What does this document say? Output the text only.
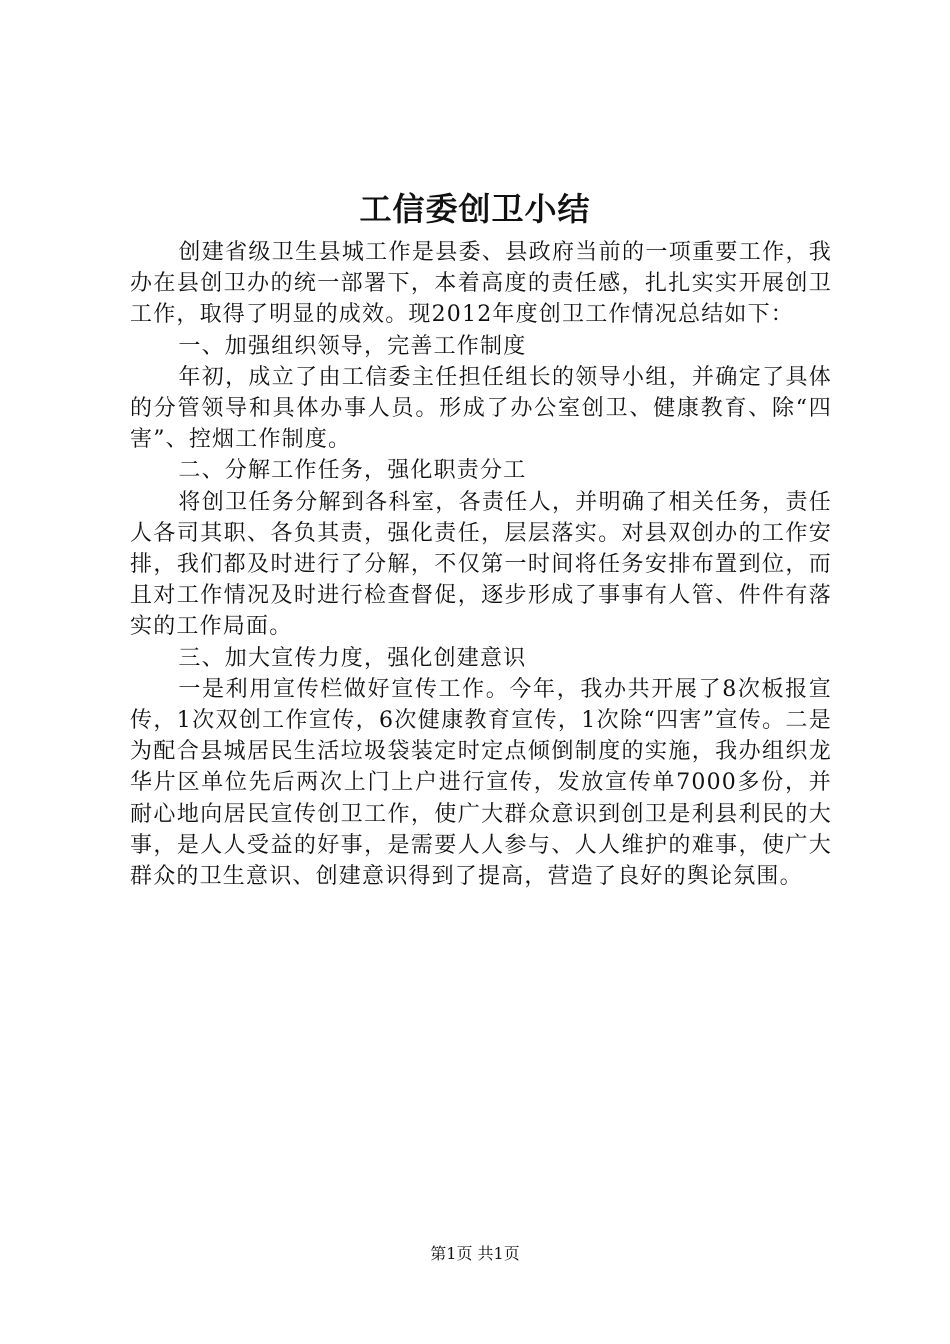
工信委创卫小结

创建省级卫生县城工作是县委、县政府当前的一项重要工作，我办在县创卫办的统一部署下，本着高度的责任感，扎扎实实开展创卫工作，取得了明显的成效。现2012年度创卫工作情况总结如下：

一、加强组织领导，完善工作制度

年初，成立了由工信委主任担任组长的领导小组，并确定了具体的分管领导和具体办事人员。形成了办公室创卫、健康教育、除“四害”、控烟工作制度。

二、分解工作任务，强化职责分工

将创卫任务分解到各科室，各责任人，并明确了相关任务，责任人各司其职、各负其责，强化责任，层层落实。对县双创办的工作安排，我们都及时进行了分解，不仅第一时间将任务安排布置到位，而且对工作情况及时进行检查督促，逐步形成了事事有人管、件件有落实的工作局面。

三、加大宣传力度，强化创建意识

一是利用宣传栏做好宣传工作。今年，我办共开展了8次板报宣传，1次双创工作宣传，6次健康教育宣传，1次除“四害”宣传。二是为配合县城居民生活垃圾袋装定时定点倾倒制度的实施，我办组织龙华片区单位先后两次上门上户进行宣传，发放宣传单7000多份，并耐心地向居民宣传创卫工作，使广大群众意识到创卫是利县利民的大事，是人人受益的好事，是需要人人参与、人人维护的难事，使广大群众的卫生意识、创建意识得到了提高，营造了良好的舆论氛围。

第1页 共1页
